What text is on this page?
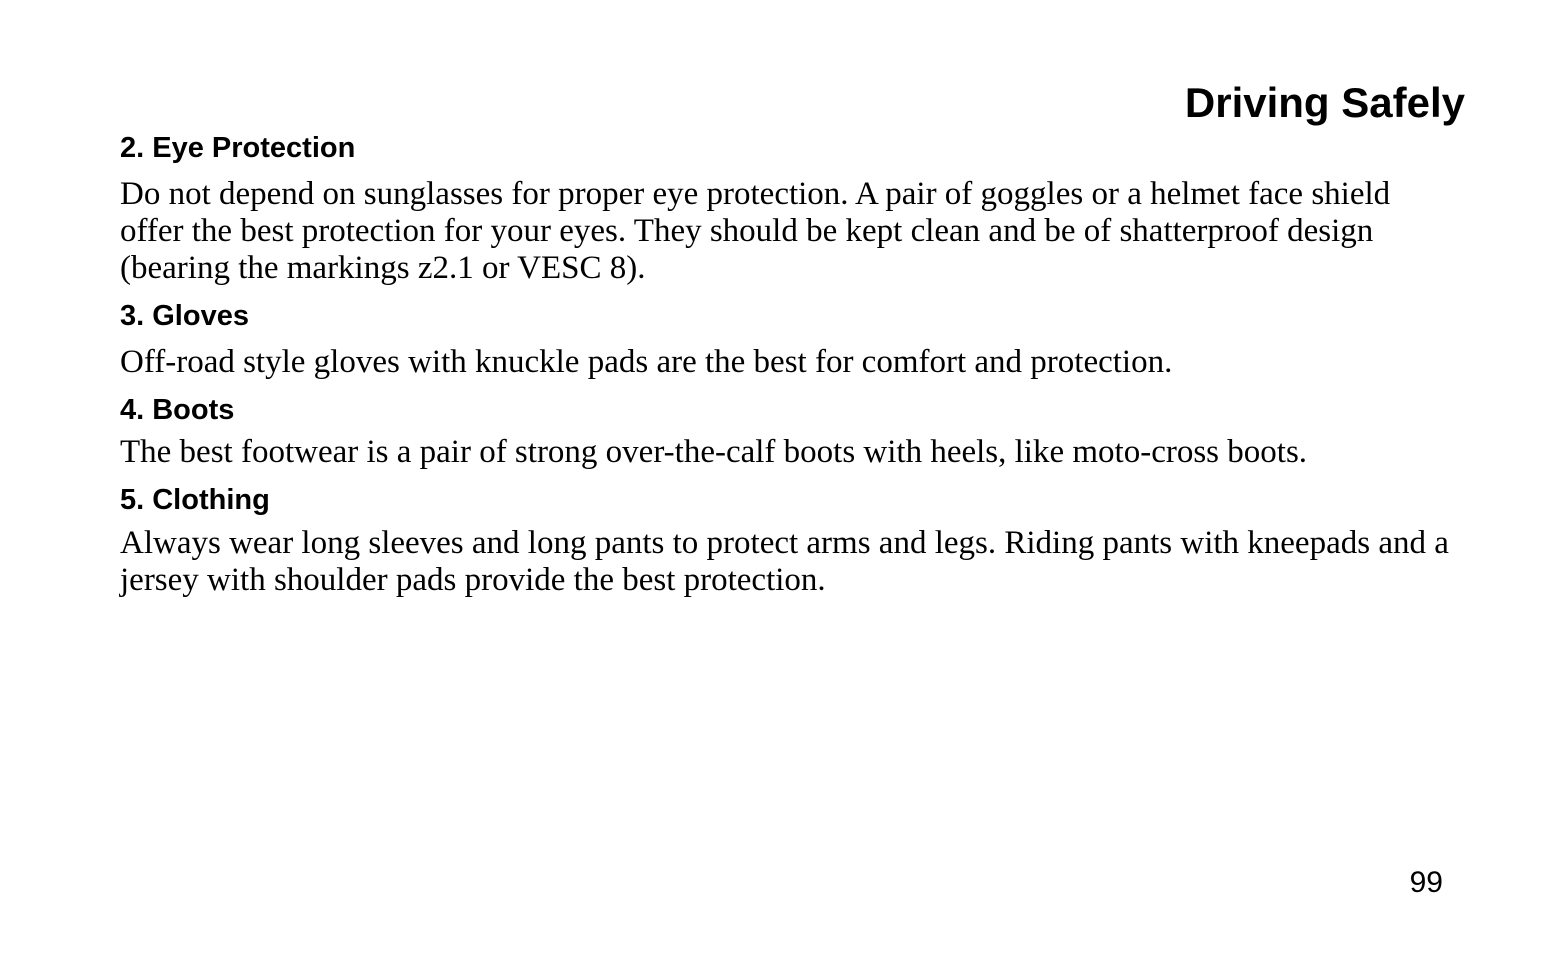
Driving Safely
2. Eye Protection

Do not depend on sunglasses for proper eye protection. A pair of goggles or a helmet face shield offer the best protection for your eyes. They should be kept clean and be of shatterproof design (bearing the markings z2.1 or VESC 8).

3. Gloves

Off-road style gloves with knuckle pads are the best for comfort and protection.

4. Boots

The best footwear is a pair of strong over-the-calf boots with heels, like moto-cross boots.

5. Clothing

Always wear long sleeves and long pants to protect arms and legs. Riding pants with kneepads and a jersey with shoulder pads provide the best protection.

99
